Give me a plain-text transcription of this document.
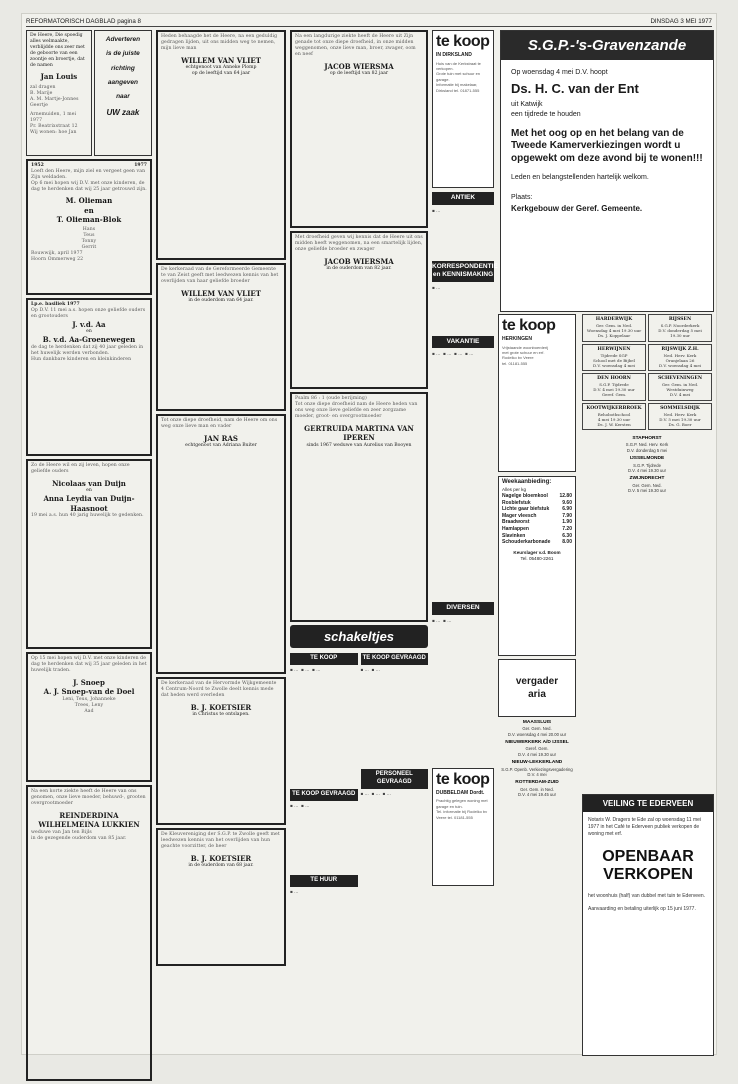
REFORMATORISCH DAGBLAD pagina 8	DINSDAG 3 MEI 1977
De Heere, Die spoedig alles welmaakte, verblijdde ons zeer met de geboorte van een zoontje en broertje, dat de namen
Jan Louis
zal dragen
B. Marije
A. M. Martje-Jonnes
Geertje
Arnemuiden, 1 mei 1977
Pr. Beatrixstraat 12
Wij wonen: hoe Jan
Adverteren
is de juiste
richting
aangeven
naar
UW zaak
1952	1977
Loeft den Heere, mijn ziel en vergeet geen van Zijn weldaden.
Op 6 mei hopen wij D.V. met onze kinderen, de dag te herdenken dat wij 25 jaar getrouwd zijn.
M. Olieman
en
T. Olieman-Blok
Hans
Teus
Tonny
Gerrit
Rouwwijk, april 1977
Hoorn Ommerweg 22
Lp.e. basiliek 1977
Op D.V. 11 mei a.s. hopen onze geliefde ouders en grootouders
J. v.d. Aa
en
B. v.d. Aa-Groenewegen
de dag te herdenken dat zij 40 jaar geleden in het huwelijk werden verbonden.
Hun dankbare kinderen en kleinkinderen
Zo de Heere wil en zij leven, hopen onze geliefde ouders
Nicolaas van Duijn
en
Anna Leydia van Duijn-Haasnoot
19 mei a.s. hun 40 jarig huwelijk te gedenken.
Op 15 mei hopen wij D.V. met onze kinderen de dag te herdenken dat wij 35 jaar geleden in het huwelijk traden.
J. Snoep
A. J. Snoep-van de Doel
Leni, Teus, Johanneke
Trees, Leny
Aad
Na een korte ziekte heeft de Heere van ons genomen, onze lieve moeder, behuwd-, grooten overgrootmoeder
REINDERDINA
WILHELMEINA LUKKIEN
weduwe van Jan ten Bijls
in de gezegende ouderdom van 85 jaar.
Heden behaagde het de Heere, na een geduldig gedragen lijden, uit ons midden weg te nemen, mijn lieve man
WILLEM VAN VLIET
echtgenoot van Anneke Plomp
op de leeftijd van 64 jaar
De kerkeraad van de Gereformeerde Gemeente te van Zeist geeft met leedwezen kennis van het overlijden van haar geliefde broeder
WILLEM VAN VLIET
in de ouderdom van 64 jaar.
Tot onze diepe droefheid, nam de Heere om ons weg onze lieve man en vader
JAN RAS
echtgenoot van Adriana Buiter
De kerkeraad van de Hervormde Wijkgemeente 4 Centrum-Noord te Zwolle deelt kennis mede dat heden werd overleden
B. J. KOETSIER
in Christus te ontslapen.
De Kleuvereniging der S.G.P. te Zwolle geeft met leedwezen kennis van het overlijden van hun geachte voorzitter, de heer
B. J. KOETSIER
in de ouderdom van 68 jaar.
Na een langdurige ziekte heeft de Heere uit Zijn genade tot onze diepe droefheid, in onze midden weggenomen, onze lieve man, broer, zwager, oom en neef
JACOB WIERSMA
op de leeftijd van 82 jaar
Met droefheid geven wij kennis dat de Heere uit ons midden heeft weggenomen, na een smartelijk lijden, onze geliefde broeder en zwager
JACOB WIERSMA
in de ouderdom van 82 jaar.
Psalm 86 : 1 (oude berijming)
Tot onze diepe droefheid nam de Heere heden van ons weg onze lieve geliefde en zeer zorgzame moeder, groot- en overgrootmoeder
GERTRUIDA MARTINA VAN IPEREN
sinds 1967 weduwe van Aurelius van Booyen
schakeltjes
TE KOOP
▪ …  ▪ …  ▪ …
TE KOOP GEVRAAGD
▪ …  ▪ …
TE HUUR
▪ …
TE KOOP GEVRAAGD
▪ …  ▪ …
PERSONEEL GEVRAAGD
▪ …  ▪ …  ▪ …
te koop
IN DIRKSLAND
Huis van de Kerkstraat te verkopen.
Grote tuin met schuur en garage.
Informatie bij makelaar,
Dirksland tel. 01871-555
ANTIEK
▪ …
KORRESPONDENTIE en KENNISMAKING
▪ …
VAKANTIE
▪ …  ▪ …  ▪ …  ▪ …
DIVERSEN
▪ …  ▪ …
te koop
DUBBELDAM Dordt.
Prachtig gelegen woning met garage en tuin.
Tel. informatie bij Rodelko bv
Veere tel. 01181-555
te koop
HERKINGEN
Vrijstaande woonboerderij
met grote schuur en erf.
Rodelko bv Veere
tel. 01181-555
Weekaanbieding:
Alles per kg
Nagelge bloemkool 12.80
Rosbiefstuk	9.60
Lichte gaar biefstuk	6.90
Mager vleesch	7.90
Braadworst	1.90
Hamlappen	7.20
Slavinken	6.30
Schouderkarbonade 8.00
Keurslager v.d. Boom
Tel. 05480-2261
vergader
aria
MAASSLUIS
Ger. Gem. Ned.
D.V. woensdag 4 mei 20.00 uur
NIEUWERKERK A/D IJSSEL
Geref. Gem.
D.V. 4 mei 19.30 uur
NIEUW-LEKKERLAND
S.G.P. Openb. Verkiezingsvergadering
D.V. 4 mei
ROTTERDAM-ZUID
Ger. Gem. in Ned.
D.V. 4 mei 19.45 uur
S.G.P.-'s-Gravenzande
Op woensdag 4 mei D.V. hoopt
Ds. H. C. van der Ent
uit Katwijk
een tijdrede te houden
Met het oog op en het belang van de Tweede Kamerverkiezingen wordt u opgewekt om deze avond bij te wonen!!!
Leden en belangstellenden hartelijk welkom.
Plaats:
Kerkgebouw der Geref. Gemeente.
HARDERWIJK
Ger. Gem. in Ned.
Woensdag 4 mei 19.30 uur
Ds. J. Koppelaar
RIJSSEN
S.G.P. Noorderkerk
D.V. donderdag 5 mei
19.30 uur
HERWIJNEN
Tijdrede SGP
School met de Bijbel
D.V. woensdag 4 mei
RIJSWIJK Z.H.
Ned. Herv. Kerk
Oranjelaan 26
D.V. woensdag 4 mei
DEN HOORN
S.G.P. Tijdrede
D.V. 4 mei 19.30 uur
Geref. Gem.
SCHEVENINGEN
Ger. Gem. in Ned.
Westduinweg
D.V. 4 mei
KOOTWIJKERBROEK
Rehobothschool
4 mei 19.30 uur
Ds. J. W. Kersten
SOMMELSDIJK
Ned. Herv. Kerk
D.V. 5 mei 19.30 uur
Ds. G. Boer
STAPHORST
S.G.P. Ned. Herv. Kerk
D.V. donderdag 5 mei
IJSSELMONDE
S.G.P. Tijdrede
D.V. 4 mei 19.30 uur
ZWIJNDRECHT
Ger. Gem. Ned.
D.V. 5 mei 19.30 uur
VEILING TE EDERVEEN
Notaris W. Dragers te Ede zal op woensdag 11 mei 1977 in het Café te Ederveen publiek verkopen de woning met erf.
OPENBAAR VERKOPEN
het woonhuis (half) van dubbel met tuin te Ederveen.
Aanvaarding en betaling uiterlijk op 15 juni 1977.
